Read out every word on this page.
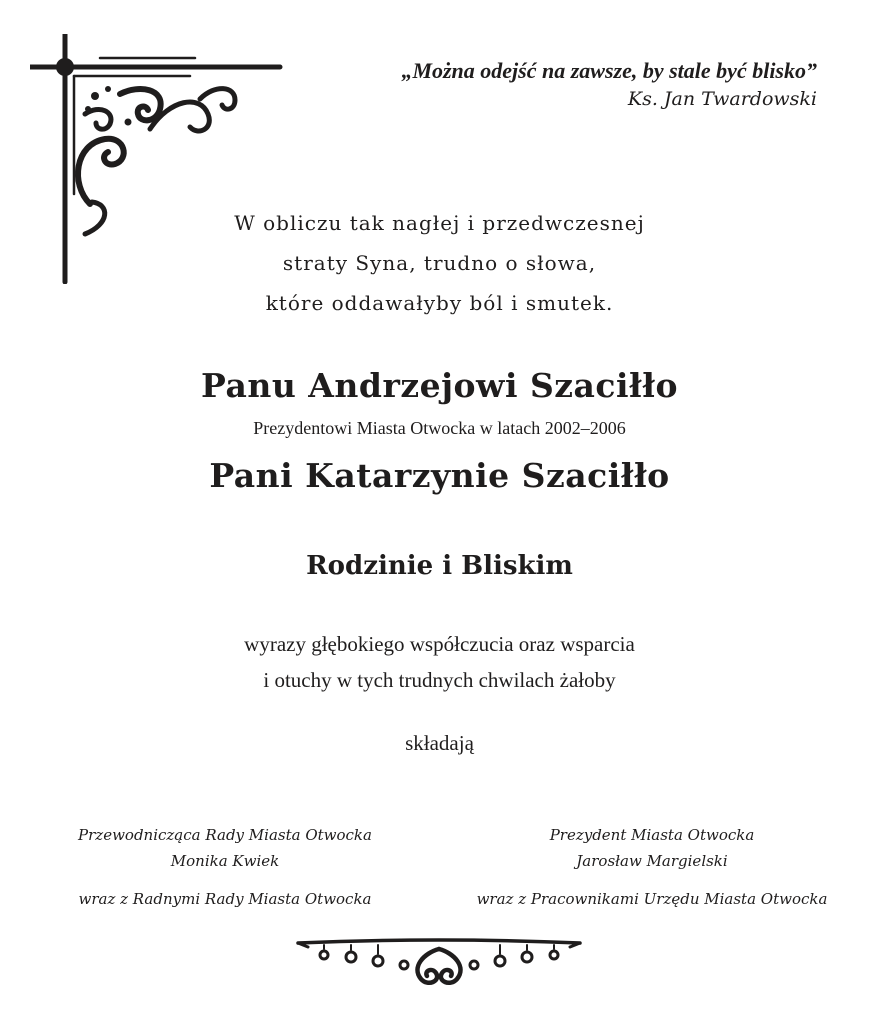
„Można odejść na zawsze, by stale być blisko”
Ks. Jan Twardowski
W obliczu tak nagłej i przedwczesnej
straty Syna, trudno o słowa,
które oddawałyby ból i smutek.
Panu Andrzejowi Szaciłło
Prezydentowi Miasta Otwocka w latach 2002–2006
Pani Katarzynie Szaciłło
Rodzinie i Bliskim
wyrazy głębokiego współczucia oraz wsparcia
i otuchy w tych trudnych chwilach żałoby
składają
Przewodnicząca Rady Miasta Otwocka
Monika Kwiek
wraz z Radnymi Rady Miasta Otwocka
Prezydent Miasta Otwocka
Jarosław Margielski
wraz z Pracownikami Urzędu Miasta Otwocka
